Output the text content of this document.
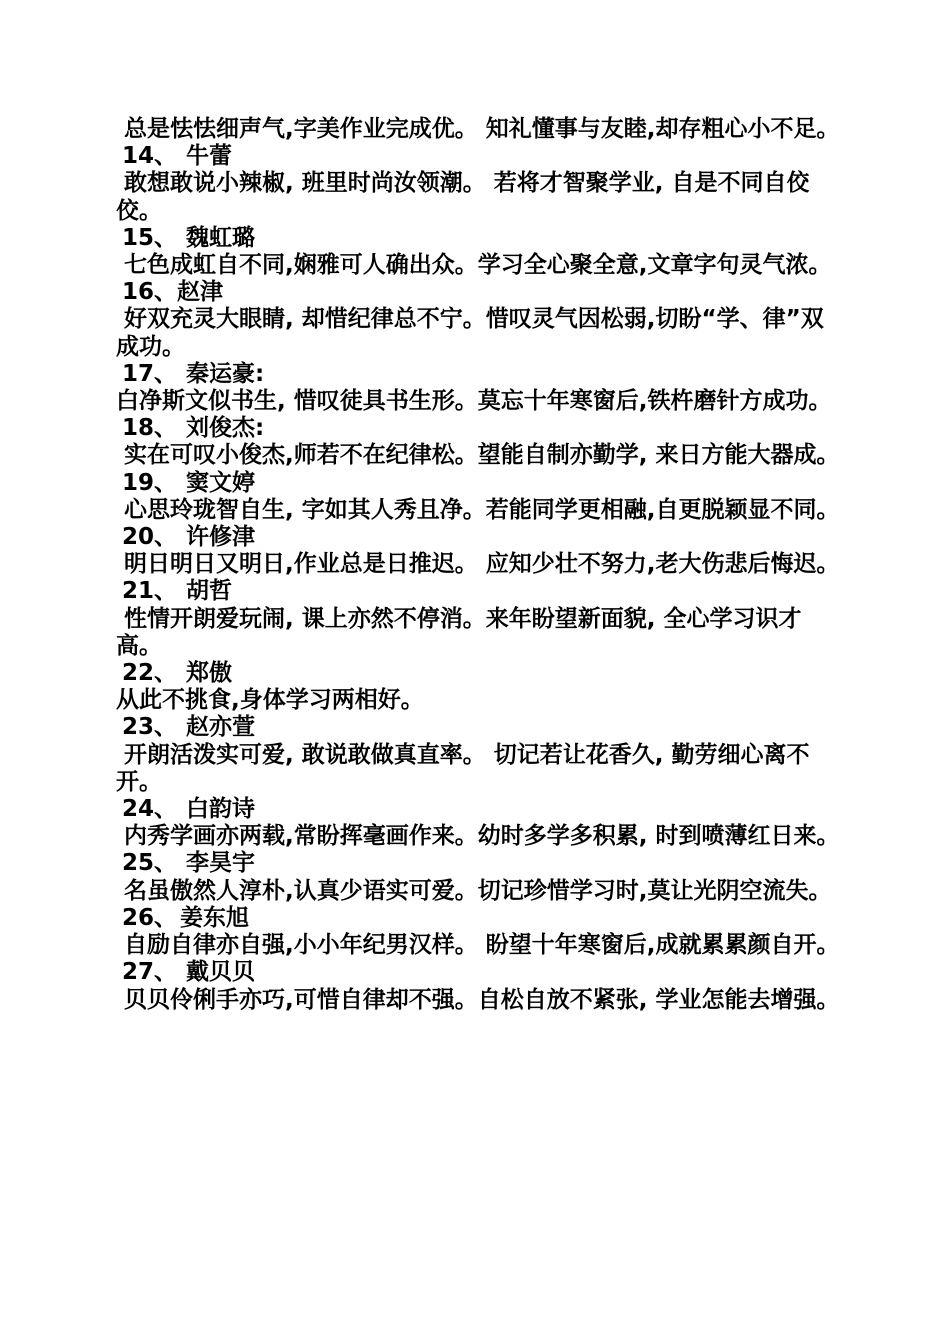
总是怯怯细声气,字美作业完成优。 知礼懂事与友睦,却存粗心小不足。
14、 牛蕾
敢想敢说小辣椒, 班里时尚汝领潮。 若将才智聚学业, 自是不同自佼佼。
15、 魏虹璐
七色成虹自不同,娴雅可人确出众。学习全心聚全意,文章字句灵气浓。
16、赵津
好双充灵大眼睛, 却惜纪律总不宁。惜叹灵气因松弱,切盼“学、律”双成功。
17、 秦运豪:
白净斯文似书生, 惜叹徒具书生形。莫忘十年寒窗后,铁杵磨针方成功。
18、 刘俊杰:
实在可叹小俊杰,师若不在纪律松。望能自制亦勤学, 来日方能大器成。
19、 窦文婷
心思玲珑智自生, 字如其人秀且净。若能同学更相融,自更脱颖显不同。
20、 许修津
明日明日又明日,作业总是日推迟。 应知少壮不努力,老大伤悲后悔迟。
21、 胡哲
性情开朗爱玩闹, 课上亦然不停消。来年盼望新面貌, 全心学习识才高。
22、 郑傲
从此不挑食,身体学习两相好。
23、 赵亦萱
开朗活泼实可爱, 敢说敢做真直率。 切记若让花香久, 勤劳细心离不开。
24、 白韵诗
内秀学画亦两载,常盼挥毫画作来。幼时多学多积累, 时到喷薄红日来。
25、 李昊宇
名虽傲然人淳朴,认真少语实可爱。切记珍惜学习时,莫让光阴空流失。
26、 姜东旭
自励自律亦自强,小小年纪男汉样。 盼望十年寒窗后,成就累累颜自开。
27、 戴贝贝
贝贝伶俐手亦巧,可惜自律却不强。自松自放不紧张, 学业怎能去增强。
